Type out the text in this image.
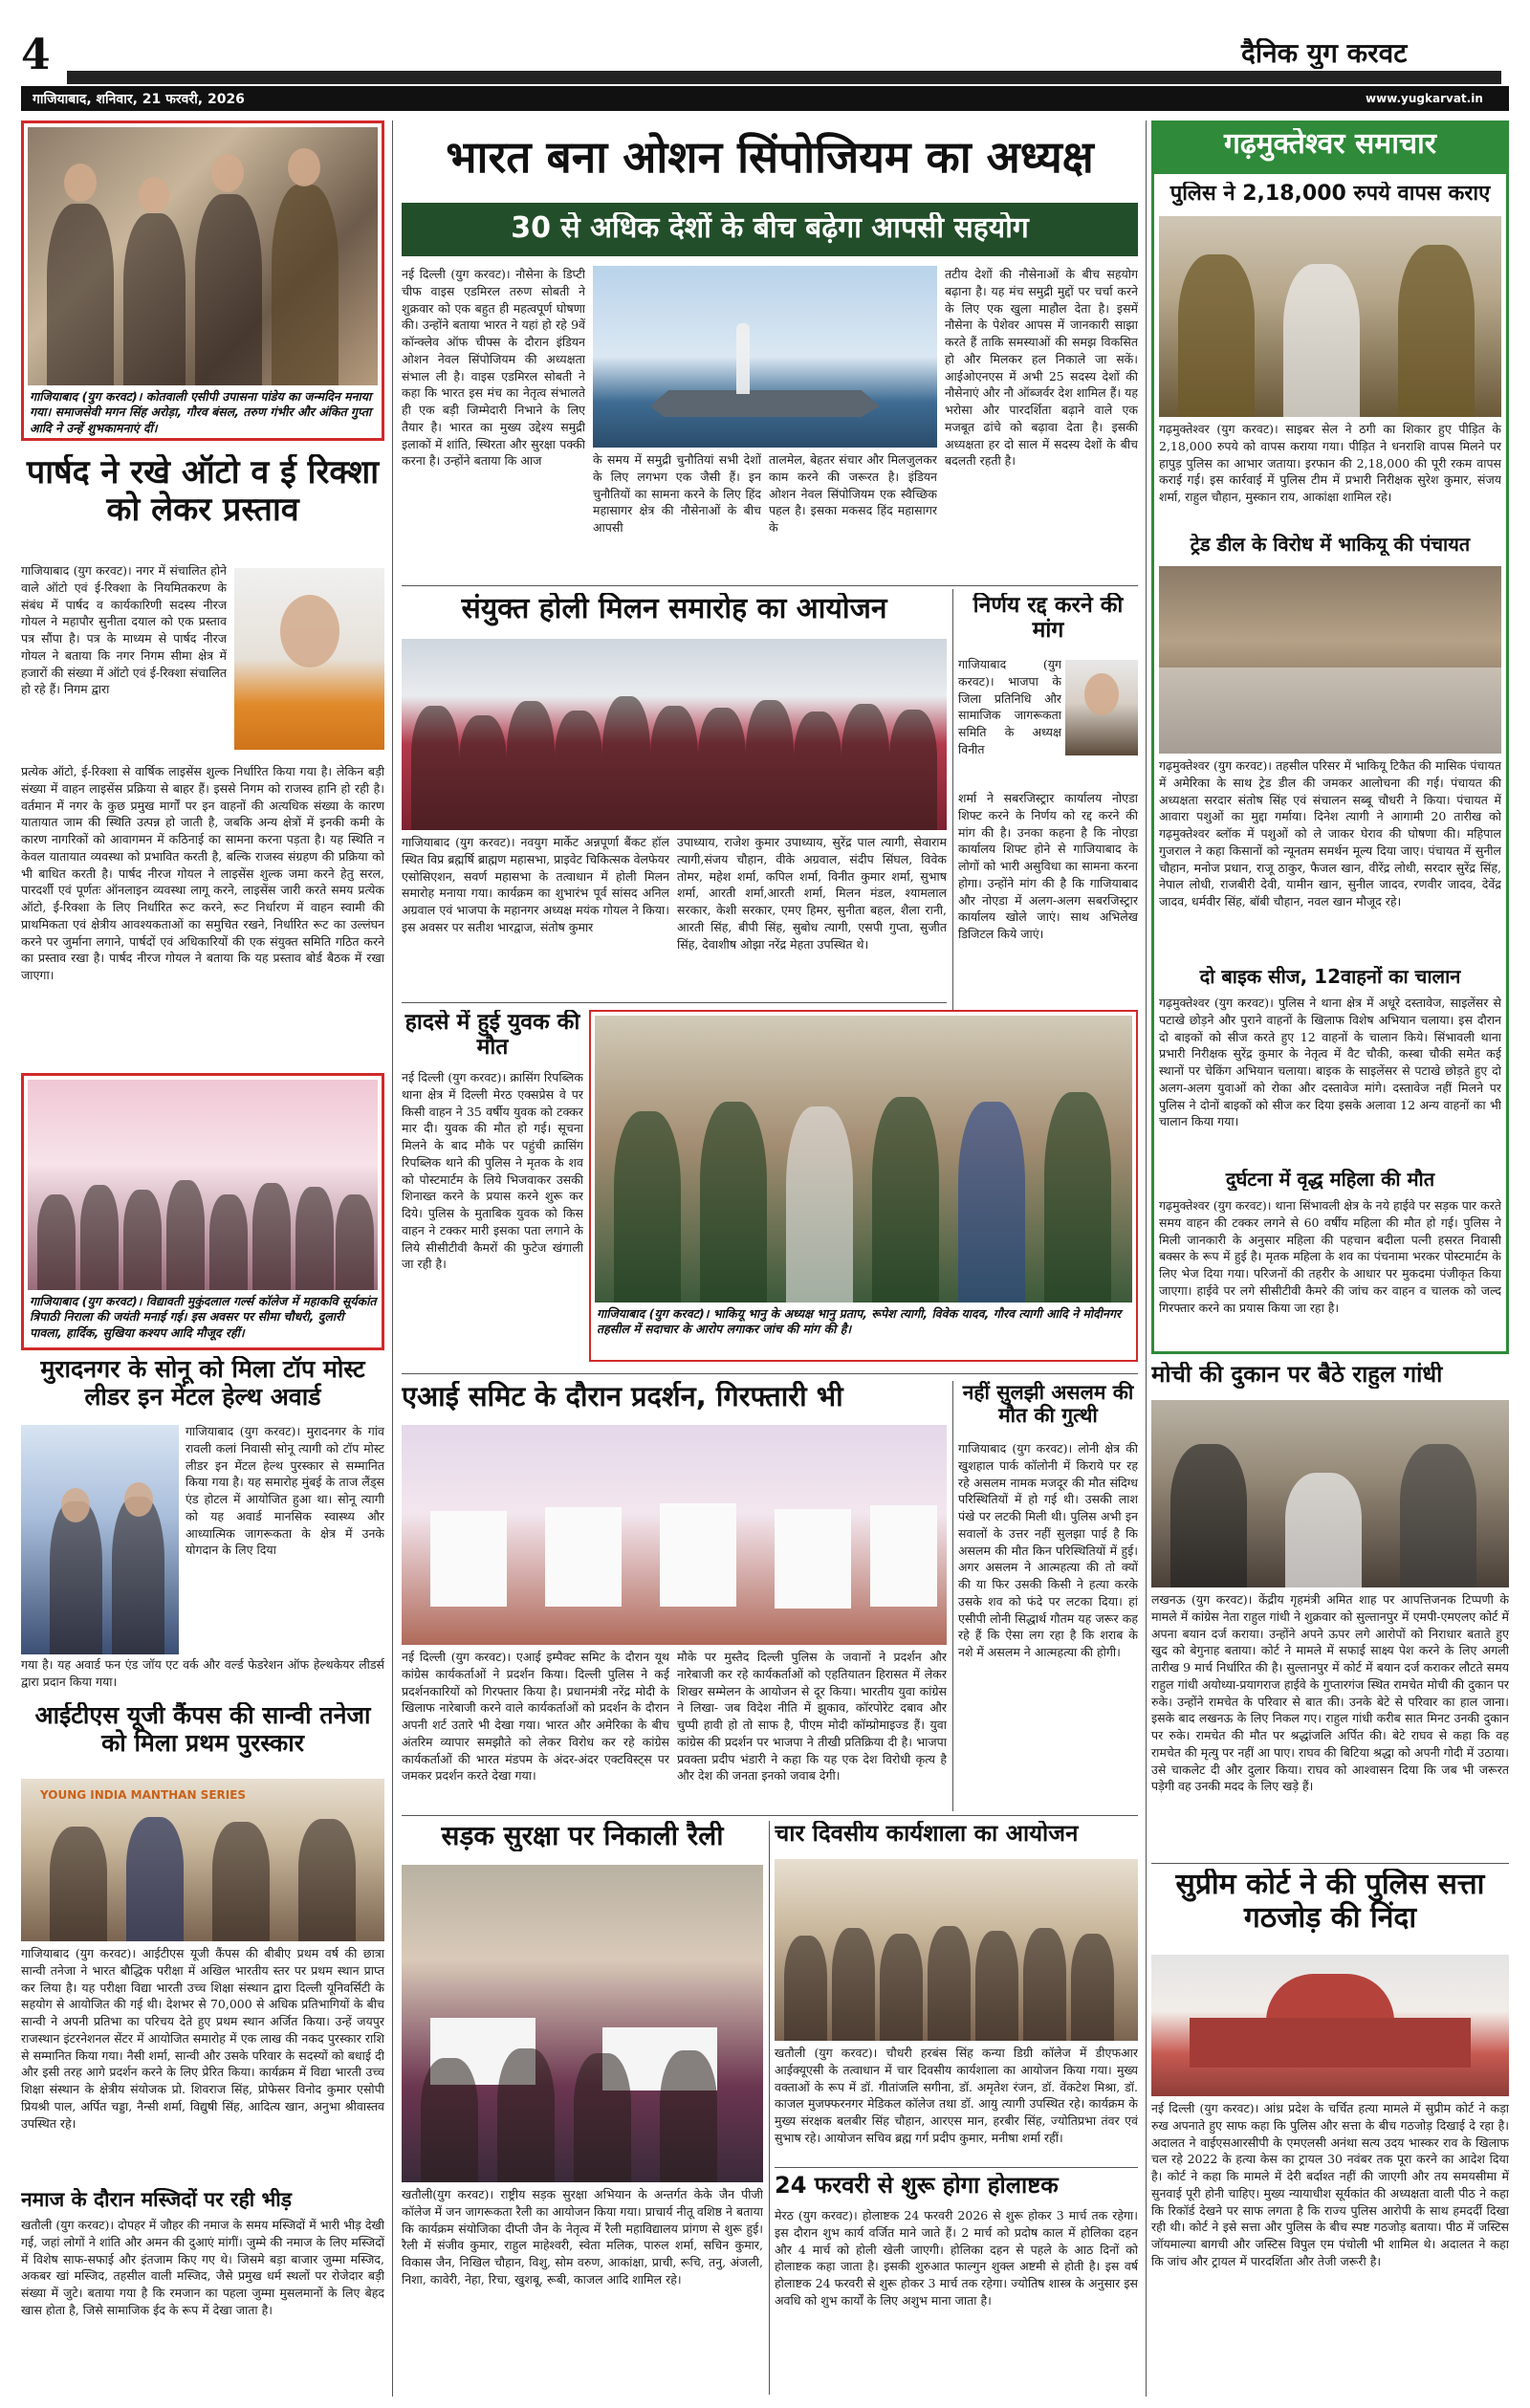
4	दैनिक युग करवट
गाजियाबाद, शनिवार, 21 फरवरी, 2026	www.yugkarvat.in
गाजियाबाद (युग करवट)। कोतवाली एसीपी उपासना पांडेय का जन्मदिन मनाया गया। समाजसेवी मगन सिंह अरोड़ा, गौरव बंसल, तरुण गंभीर और अंकित गुप्ता आदि ने उन्हें शुभकामनाएं दीं।
पार्षद ने रखे ऑटो व ई रिक्शा को लेकर प्रस्ताव
गाजियाबाद (युग करवट)। नगर में संचालित होने वाले ऑटो एवं ई-रिक्शा के नियमितकरण के संबंध में पार्षद व कार्यकारिणी सदस्य नीरज गोयल ने महापौर सुनीता दयाल को एक प्रस्ताव पत्र सौंपा है। पत्र के माध्यम से पार्षद नीरज गोयल ने बताया कि नगर निगम सीमा क्षेत्र में हजारों की संख्या में ऑटो एवं ई-रिक्शा संचालित हो रहे हैं। निगम द्वारा
प्रत्येक ऑटो, ई-रिक्शा से वार्षिक लाइसेंस शुल्क निर्धारित किया गया है। लेकिन बड़ी संख्या में वाहन लाइसेंस प्रक्रिया से बाहर हैं। इससे निगम को राजस्व हानि हो रही है। वर्तमान में नगर के कुछ प्रमुख मार्गों पर इन वाहनों की अत्यधिक संख्या के कारण यातायात जाम की स्थिति उत्पन्न हो जाती है, जबकि अन्य क्षेत्रों में इनकी कमी के कारण नागरिकों को आवागमन में कठिनाई का सामना करना पड़ता है। यह स्थिति न केवल यातायात व्यवस्था को प्रभावित करती है, बल्कि राजस्व संग्रहण की प्रक्रिया को भी बाधित करती है। पार्षद नीरज गोयल ने लाइसेंस शुल्क जमा करने हेतु सरल, पारदर्शी एवं पूर्णतः ऑनलाइन व्यवस्था लागू करने, लाइसेंस जारी करते समय प्रत्येक ऑटो, ई-रिक्शा के लिए निर्धारित रूट करने, रूट निर्धारण में वाहन स्वामी की प्राथमिकता एवं क्षेत्रीय आवश्यकताओं का समुचित रखने, निर्धारित रूट का उल्लंघन करने पर जुर्माना लगाने, पार्षदों एवं अधिकारियों की एक संयुक्त समिति गठित करने का प्रस्ताव रखा है। पार्षद नीरज गोयल ने बताया कि यह प्रस्ताव बोर्ड बैठक में रखा जाएगा।
गाजियाबाद (युग करवट)। विद्यावती मुकुंदलाल गर्ल्स कॉलेज में महाकवि सूर्यकांत त्रिपाठी निराला की जयंती मनाई गई। इस अवसर पर सीमा चौधरी, दुलारी पावला, हार्दिक, सुखिया कश्यप आदि मौजूद रहीं।
मुरादनगर के सोनू को मिला टॉप मोस्ट लीडर इन मेंटल हेल्थ अवार्ड
गाजियाबाद (युग करवट)। मुरादनगर के गांव रावली कलां निवासी सोनू त्यागी को टॉप मोस्ट लीडर इन मेंटल हेल्थ पुरस्कार से सम्मानित किया गया है। यह समारोह मुंबई के ताज लैंड्स एंड होटल में आयोजित हुआ था। सोनू त्यागी को यह अवार्ड मानसिक स्वास्थ्य और आध्यात्मिक जागरूकता के क्षेत्र में उनके योगदान के लिए दिया
गया है। यह अवार्ड फन एंड जॉय एट वर्क और वर्ल्ड फेडरेशन ऑफ हेल्थकेयर लीडर्स द्वारा प्रदान किया गया।
आईटीएस यूजी कैंपस की सान्वी तनेजा को मिला प्रथम पुरस्कार
YOUNG INDIA MANTHAN SERIES
गाजियाबाद (युग करवट)। आईटीएस यूजी कैंपस की बीबीए प्रथम वर्ष की छात्रा सान्वी तनेजा ने भारत बौद्धिक परीक्षा में अखिल भारतीय स्तर पर प्रथम स्थान प्राप्त कर लिया है। यह परीक्षा विद्या भारती उच्च शिक्षा संस्थान द्वारा दिल्ली यूनिवर्सिटी के सहयोग से आयोजित की गई थी। देशभर से 70,000 से अधिक प्रतिभागियों के बीच सान्वी ने अपनी प्रतिभा का परिचय देते हुए प्रथम स्थान अर्जित किया। उन्हें जयपुर राजस्थान इंटरनेशनल सेंटर में आयोजित समारोह में एक लाख की नकद पुरस्कार राशि से सम्मानित किया गया। नैसी शर्मा, सान्वी और उसके परिवार के सदस्यों को बधाई दी और इसी तरह आगे प्रदर्शन करने के लिए प्रेरित किया। कार्यक्रम में विद्या भारती उच्च शिक्षा संस्थान के क्षेत्रीय संयोजक प्रो. शिवराज सिंह, प्रोफेसर विनोद कुमार एसोपी प्रियश्री पाल, अर्पित चड्डा, नैन्सी शर्मा, विद्युषी सिंह, आदित्य खान, अनुभा श्रीवास्तव उपस्थित रहे।
नमाज के दौरान मस्जिदों पर रही भीड़
खतौली (युग करवट)। दोपहर में जौहर की नमाज के समय मस्जिदों में भारी भीड़ देखी गई, जहां लोगों ने शांति और अमन की दुआएं मांगीं। जुम्मे की नमाज के लिए मस्जिदों में विशेष साफ-सफाई और इंतजाम किए गए थे। जिसमे बड़ा बाजार जुम्मा मस्जिद, अकबर खां मस्जिद, तहसील वाली मस्जिद, जैसे प्रमुख धर्म स्थलों पर रोजेदार बड़ी संख्या में जुटे। बताया गया है कि रमजान का पहला जुम्मा मुसलमानों के लिए बेहद खास होता है, जिसे सामाजिक ईद के रूप में देखा जाता है।
भारत बना ओशन सिंपोजियम का अध्यक्ष
30 से अधिक देशों के बीच बढ़ेगा आपसी सहयोग
नई दिल्ली (युग करवट)। नौसेना के डिप्टी चीफ वाइस एडमिरल तरुण सोबती ने शुक्रवार को एक बहुत ही महत्वपूर्ण घोषणा की। उन्होंने बताया भारत ने यहां हो रहे 9वें कॉन्क्लेव ऑफ चीफ्स के दौरान इंडियन ओशन नेवल सिंपोजियम की अध्यक्षता संभाल ली है। वाइस एडमिरल सोबती ने कहा कि भारत इस मंच का नेतृत्व संभालते ही एक बड़ी जिम्मेदारी निभाने के लिए तैयार है। भारत का मुख्य उद्देश्य समुद्री इलाकों में शांति, स्थिरता और सुरक्षा पक्की करना है। उन्होंने बताया कि आज	के समय में समुद्री चुनौतियां सभी देशों के लिए लगभग एक जैसी हैं। इन चुनौतियों का सामना करने के लिए हिंद महासागर क्षेत्र की नौसेनाओं के बीच आपसी
तालमेल, बेहतर संचार और मिलजुलकर काम करने की जरूरत है। इंडियन ओशन नेवल सिंपोजियम एक स्वैच्छिक पहल है। इसका मकसद हिंद महासागर के
तटीय देशों की नौसेनाओं के बीच सहयोग बढ़ाना है। यह मंच समुद्री मुद्दों पर चर्चा करने के लिए एक खुला माहौल देता है। इसमें नौसेना के पेशेवर आपस में जानकारी साझा करते हैं ताकि समस्याओं की समझ विकसित हो और मिलकर हल निकाले जा सकें। आईओएनएस में अभी 25 सदस्य देशों की नौसेनाएं और नौ ऑब्जर्वर देश शामिल हैं। यह भरोसा और पारदर्शिता बढ़ाने वाले एक मजबूत ढांचे को बढ़ावा देता है। इसकी अध्यक्षता हर दो साल में सदस्य देशों के बीच बदलती रहती है।
संयुक्त होली मिलन समारोह का आयोजन
गाजियाबाद (युग करवट)। नवयुग मार्केट अन्नपूर्णा बैंकट हॉल स्थित विप्र ब्रह्मर्षि ब्राह्मण महासभा, प्राइवेट चिकित्सक वेलफेयर एसोसिएशन, सवर्ण महासभा के तत्वाधान में होली मिलन समारोह मनाया गया। कार्यक्रम का शुभारंभ पूर्व सांसद अनिल अग्रवाल एवं भाजपा के महानगर अध्यक्ष मयंक गोयल ने किया। इस अवसर पर सतीश भारद्वाज, संतोष कुमार
उपाध्याय, राजेश कुमार उपाध्याय, सुरेंद्र पाल त्यागी, सेवाराम त्यागी,संजय चौहान, वीके अग्रवाल, संदीप सिंघल, विवेक तोमर, महेश शर्मा, कपिल शर्मा, विनीत कुमार शर्मा, सुभाष शर्मा, आरती शर्मा,आरती शर्मा, मिलन मंडल, श्यामलाल सरकार, केशी सरकार, एमए हिमर, सुनीता बहल, शैला रानी, आरती सिंह, बीपी सिंह, सुबोध त्यागी, एसपी गुप्ता, सुजीत सिंह, देवाशीष ओझा नरेंद्र मेहता उपस्थित थे।
निर्णय रद्द करने की मांग
गाजियाबाद (युग करवट)। भाजपा के जिला प्रतिनिधि और सामाजिक जागरूकता समिति के अध्यक्ष विनीत
शर्मा ने सबरजिस्ट्रार कार्यालय नोएडा शिफ्ट करने के निर्णय को रद्द करने की मांग की है। उनका कहना है कि नोएडा कार्यालय शिफ्ट होने से गाजियाबाद के लोगों को भारी असुविधा का सामना करना होगा। उन्होंने मांग की है कि गाजियाबाद और नोएडा में अलग-अलग सबरजिस्ट्रार कार्यालय खोले जाएं। साथ अभिलेख डिजिटल किये जाएं।
हादसे में हुई युवक की मौत
नई दिल्ली (युग करवट)। क्रासिंग रिपब्लिक थाना क्षेत्र में दिल्ली मेरठ एक्सप्रेस वे पर किसी वाहन ने 35 वर्षीय युवक को टक्कर मार दी। युवक की मौत हो गई। सूचना मिलने के बाद मौके पर पहुंची क्रासिंग रिपब्लिक थाने की पुलिस ने मृतक के शव को पोस्टमार्टम के लिये भिजवाकर उसकी शिनाख्त करने के प्रयास करने शुरू कर दिये। पुलिस के मुताबिक युवक को किस वाहन ने टक्कर मारी इसका पता लगाने के लिये सीसीटीवी कैमरों की फुटेज खंगाली जा रही है।
गाजियाबाद (युग करवट)। भाकियू भानु के अध्यक्ष भानु प्रताप, रूपेश त्यागी, विवेक यादव, गौरव त्यागी आदि ने मोदीनगर तहसील में सदाचार के आरोप लगाकर जांच की मांग की है।
एआई समिट के दौरान प्रदर्शन, गिरफ्तारी भी
नई दिल्ली (युग करवट)। एआई इम्पैक्ट समिट के दौरान यूथ कांग्रेस कार्यकर्ताओं ने प्रदर्शन किया। दिल्ली पुलिस ने कई प्रदर्शनकारियों को गिरफ्तार किया है। प्रधानमंत्री नरेंद्र मोदी के खिलाफ नारेबाजी करने वाले कार्यकर्ताओं को प्रदर्शन के दौरान अपनी शर्ट उतारे भी देखा गया। भारत और अमेरिका के बीच अंतरिम व्यापार समझौते को लेकर विरोध कर रहे कांग्रेस कार्यकर्ताओं की भारत मंडपम के अंदर-अंदर एक्टविस्ट्स पर जमकर प्रदर्शन करते देखा गया।
मौके पर मुस्तैद दिल्ली पुलिस के जवानों ने प्रदर्शन और नारेबाजी कर रहे कार्यकर्ताओं को एहतियातन हिरासत में लेकर शिखर सम्मेलन के आयोजन से दूर किया। भारतीय युवा कांग्रेस ने लिखा- जब विदेश नीति में झुकाव, कॉरपोरेट दबाव और चुप्पी हावी हो तो साफ है, पीएम मोदी कॉम्प्रोमाइज्ड हैं। युवा कांग्रेस की प्रदर्शन पर भाजपा ने तीखी प्रतिक्रिया दी है। भाजपा प्रवक्ता प्रदीप भंडारी ने कहा कि यह एक देश विरोधी कृत्य है और देश की जनता इनको जवाब देगी।
नहीं सुलझी असलम की मौत की गुत्थी
गाजियाबाद (युग करवट)। लोनी क्षेत्र की खुशहाल पार्क कॉलोनी में किराये पर रह रहे असलम नामक मजदूर की मौत संदिग्ध परिस्थितियों में हो गई थी। उसकी लाश पंखे पर लटकी मिली थी। पुलिस अभी इन सवालों के उत्तर नहीं सुलझा पाई है कि असलम की मौत किन परिस्थितियों में हुई। अगर असलम ने आत्महत्या की तो क्यों की या फिर उसकी किसी ने हत्या करके उसके शव को फंदे पर लटका दिया। हां एसीपी लोनी सिद्धार्थ गौतम यह जरूर कह रहे हैं कि ऐसा लग रहा है कि शराब के नशे में असलम ने आत्महत्या की होगी।
सड़क सुरक्षा पर निकाली रैली
खतौली(युग करवट)। राष्ट्रीय सड़क सुरक्षा अभियान के अन्तर्गत केके जैन पीजी कॉलेज में जन जागरूकता रैली का आयोजन किया गया। प्राचार्य नीतू वशिष्ठ ने बताया कि कार्यक्रम संयोजिका दीप्ती जैन के नेतृत्व में रैली महाविद्यालय प्रांगण से शुरू हुई। रैली में संजीव कुमार, राहुल माहेश्वरी, स्वेता मलिक, पारुल शर्मा, सचिन कुमार, विकास जैन, निखिल चौहान, विशु, सोम वरुण, आकांक्षा, प्राची, रूचि, तनु, अंजली, निशा, कावेरी, नेहा, रिचा, खुशबू, रूबी, काजल आदि शामिल रहे।
चार दिवसीय कार्यशाला का आयोजन
खतौली (युग करवट)। चौधरी हरबंस सिंह कन्या डिग्री कॉलेज में डीएफआर आईक्यूएसी के तत्वाधान में चार दिवसीय कार्यशाला का आयोजन किया गया। मुख्य वक्ताओं के रूप में डॉ. गीतांजलि सगीना, डॉ. अमृतेश रंजन, डॉ. वेंकटेश मिश्रा, डॉ. काजल मुजफ्फरनगर मेडिकल कॉलेज तथा डॉ. आयु त्यागी उपस्थित रहे। कार्यक्रम के मुख्य संरक्षक बलबीर सिंह चौहान, आरएस मान, हरबीर सिंह, ज्योतिप्रभा तंवर एवं सुभाष रहे। आयोजन सचिव ब्रह्म गर्ग प्रदीप कुमार, मनीषा शर्मा रहीं।
24 फरवरी से शुरू होगा होलाष्टक
मेरठ (युग करवट)। होलाष्टक 24 फरवरी 2026 से शुरू होकर 3 मार्च तक रहेगा। इस दौरान शुभ कार्य वर्जित माने जाते हैं। 2 मार्च को प्रदोष काल में होलिका दहन और 4 मार्च को होली खेली जाएगी। होलिका दहन से पहले के आठ दिनों को होलाष्टक कहा जाता है। इसकी शुरुआत फाल्गुन शुक्ल अष्टमी से होती है। इस वर्ष होलाष्टक 24 फरवरी से शुरू होकर 3 मार्च तक रहेगा। ज्योतिष शास्त्र के अनुसार इस अवधि को शुभ कार्यों के लिए अशुभ माना जाता है।
गढ़मुक्तेश्वर समाचार
पुलिस ने 2,18,000 रुपये वापस कराए
गढ़मुक्तेश्वर (युग करवट)। साइबर सेल ने ठगी का शिकार हुए पीड़ित के 2,18,000 रुपये को वापस कराया गया। पीड़ित ने धनराशि वापस मिलने पर हापुड़ पुलिस का आभार जताया। इरफान की 2,18,000 की पूरी रकम वापस कराई गई। इस कार्रवाई में पुलिस टीम में प्रभारी निरीक्षक सुरेश कुमार, संजय शर्मा, राहुल चौहान, मुस्कान राय, आकांक्षा शामिल रहे।
ट्रेड डील के विरोध में भाकियू की पंचायत
गढ़मुक्तेश्वर (युग करवट)। तहसील परिसर में भाकियू टिकैत की मासिक पंचायत में अमेरिका के साथ ट्रेड डील की जमकर आलोचना की गई। पंचायत की अध्यक्षता सरदार संतोष सिंह एवं संचालन सब्बू चौधरी ने किया। पंचायत में आवारा पशुओं का मुद्दा गर्माया। दिनेश त्यागी ने आगामी 20 तारीख को गढ़मुक्तेश्वर ब्लॉक में पशुओं को ले जाकर घेराव की घोषणा की। महिपाल गुजराल ने कहा किसानों को न्यूनतम समर्थन मूल्य दिया जाए। पंचायत में सुनील चौहान, मनोज प्रधान, राजू ठाकुर, फैजल खान, वीरेंद्र लोधी, सरदार सुरेंद्र सिंह, नेपाल लोधी, राजबीरी देवी, यामीन खान, सुनील जादव, रणवीर जादव, देवेंद्र जादव, धर्मवीर सिंह, बॉबी चौहान, नवल खान मौजूद रहे।
दो बाइक सीज, 12वाहनों का चालान
गढ़मुक्तेश्वर (युग करवट)। पुलिस ने थाना क्षेत्र में अधूरे दस्तावेज, साइलेंसर से पटाखे छोड़ने और पुराने वाहनों के खिलाफ विशेष अभियान चलाया। इस दौरान दो बाइकों को सीज करते हुए 12 वाहनों के चालान किये। सिंभावली थाना प्रभारी निरीक्षक सुरेंद्र कुमार के नेतृत्व में वैट चौकी, कस्बा चौकी समेत कई स्थानों पर चेकिंग अभियान चलाया। बाइक के साइलेंसर से पटाखे छोड़ते हुए दो अलग-अलग युवाओं को रोका और दस्तावेज मांगे। दस्तावेज नहीं मिलने पर पुलिस ने दोनों बाइकों को सीज कर दिया इसके अलावा 12 अन्य वाहनों का भी चालान किया गया।
दुर्घटना में वृद्ध महिला की मौत
गढ़मुक्तेश्वर (युग करवट)। थाना सिंभावली क्षेत्र के नये हाईवे पर सड़क पार करते समय वाहन की टक्कर लगने से 60 वर्षीय महिला की मौत हो गई। पुलिस ने मिली जानकारी के अनुसार महिला की पहचान बदीला पत्नी हसरत निवासी बक्सर के रूप में हुई है। मृतक महिला के शव का पंचनामा भरकर पोस्टमार्टम के लिए भेज दिया गया। परिजनों की तहरीर के आधार पर मुकदमा पंजीकृत किया जाएगा। हाईवे पर लगे सीसीटीवी कैमरे की जांच कर वाहन व चालक को जल्द गिरफ्तार करने का प्रयास किया जा रहा है।
मोची की दुकान पर बैठे राहुल गांधी
लखनऊ (युग करवट)। केंद्रीय गृहमंत्री अमित शाह पर आपत्तिजनक टिप्पणी के मामले में कांग्रेस नेता राहुल गांधी ने शुक्रवार को सुल्तानपुर में एमपी-एमएलए कोर्ट में अपना बयान दर्ज कराया। उन्होंने अपने ऊपर लगे आरोपों को निराधार बताते हुए खुद को बेगुनाह बताया। कोर्ट ने मामले में सफाई साक्ष्य पेश करने के लिए अगली तारीख 9 मार्च निर्धारित की है। सुल्तानपुर में कोर्ट में बयान दर्ज कराकर लौटते समय राहुल गांधी अयोध्या-प्रयागराज हाईवे के गुप्तारगंज स्थित रामचेत मोची की दुकान पर रुके। उन्होंने रामचेत के परिवार से बात की। उनके बेटे से परिवार का हाल जाना। इसके बाद लखनऊ के लिए निकल गए। राहुल गांधी करीब सात मिनट उनकी दुकान पर रुके। रामचेत की मौत पर श्रद्धांजलि अर्पित की। बेटे राघव से कहा कि वह रामचेत की मृत्यु पर नहीं आ पाए। राघव की बिटिया श्रद्धा को अपनी गोदी में उठाया। उसे चाकलेट दी और दुलार किया। राघव को आश्वासन दिया कि जब भी जरूरत पड़ेगी वह उनकी मदद के लिए खड़े हैं।
सुप्रीम कोर्ट ने की पुलिस सत्ता गठजोड़ की निंदा
नई दिल्ली (युग करवट)। आंध्र प्रदेश के चर्चित हत्या मामले में सुप्रीम कोर्ट ने कड़ा रुख अपनाते हुए साफ कहा कि पुलिस और सत्ता के बीच गठजोड़ दिखाई दे रहा है। अदालत ने वाईएसआरसीपी के एमएलसी अनंथा सत्य उदय भास्कर राव के खिलाफ चल रहे 2022 के हत्या केस का ट्रायल 30 नवंबर तक पूरा करने का आदेश दिया है। कोर्ट ने कहा कि मामले में देरी बर्दाश्त नहीं की जाएगी और तय समयसीमा में सुनवाई पूरी होनी चाहिए। मुख्य न्यायाधीश सूर्यकांत की अध्यक्षता वाली पीठ ने कहा कि रिकॉर्ड देखने पर साफ लगता है कि राज्य पुलिस आरोपी के साथ हमदर्दी दिखा रही थी। कोर्ट ने इसे सत्ता और पुलिस के बीच स्पष्ट गठजोड़ बताया। पीठ में जस्टिस जॉयमाल्या बागची और जस्टिस विपुल एम पंचोली भी शामिल थे। अदालत ने कहा कि जांच और ट्रायल में पारदर्शिता और तेजी जरूरी है।
